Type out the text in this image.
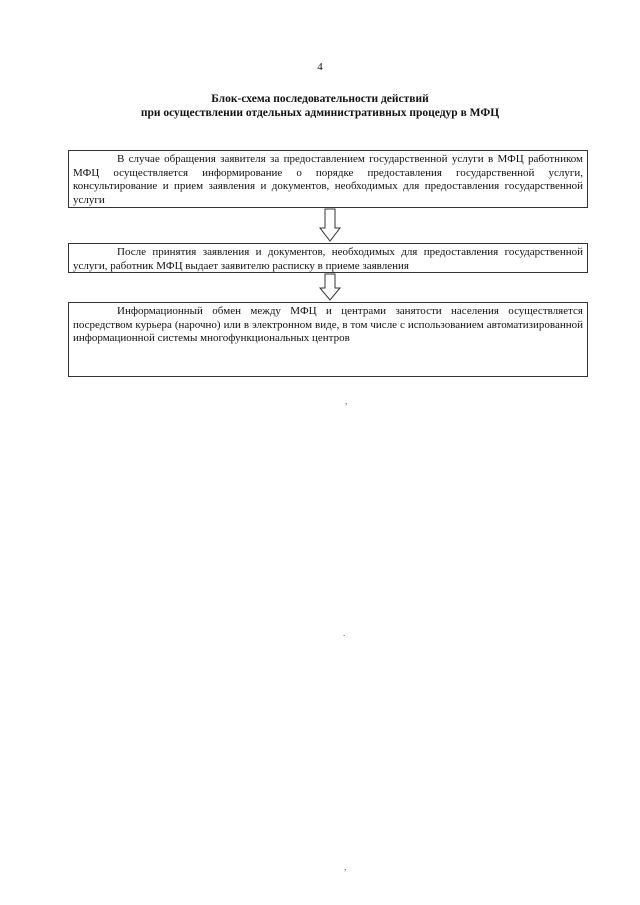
4
Блок-схема последовательности действий
при осуществлении отдельных административных процедур в МФЦ

В случае обращения заявителя за предоставлением государственной услуги в МФЦ работником МФЦ осуществляется информирование о порядке предоставления государственной услуги, консультирование и прием заявления и документов, необходимых для предоставления государственной услуги

После принятия заявления и документов, необходимых для предоставления государственной услуги, работник МФЦ выдает заявителю расписку в приеме заявления

Информационный обмен между МФЦ и центрами занятости населения осуществляется посредством курьера (нарочно) или в электронном виде, в том числе с использованием автоматизированной информационной системы многофункциональных центров

,
.
,
